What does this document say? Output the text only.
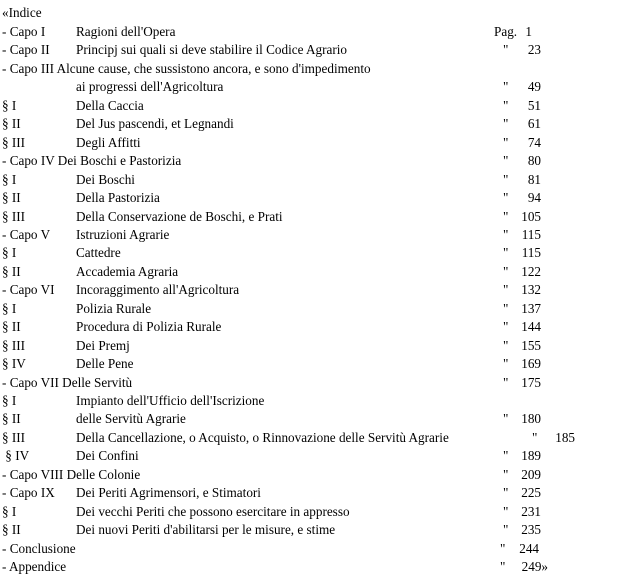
«Indice

- Capo I Ragioni dell'Opera	Pag. 1
- Capo II Principj sui quali si deve stabilire il Codice Agrario	" 23
- Capo III Alcune cause, che sussistono ancora, e sono d'impedimento
ai progressi dell'Agricoltura	" 49
§ I	Della Caccia	" 51
§ II	Del Jus pascendi, et Legnandi	" 61
§ III	Degli Affitti	" 74
- Capo IV Dei Boschi e Pastorizia	" 80
§ I	Dei Boschi	" 81
§ II	Della Pastorizia	" 94
§ III	Della Conservazione de Boschi, e Prati	" 105
- Capo V Istruzioni Agrarie	" 115
§ I	Cattedre	" 115
§ II	Accademia Agraria	" 122
- Capo VI Incoraggimento all'Agricoltura	" 132
§ I	Polizia Rurale	" 137
§ II	Procedura di Polizia Rurale	" 144
§ III	Dei Premj	" 155
§ IV	Delle Pene	" 169
- Capo VII Delle Servitù	" 175
§ I	Impianto dell'Ufficio dell'Iscrizione
§ II	delle Servitù Agrarie	" 180
§ III	Della Cancellazione, o Acquisto, o Rinnovazione delle Servitù Agrarie	" 185
§ IV	Dei Confini	" 189
- Capo VIII Delle Colonie	" 209
- Capo IX Dei Periti Agrimensori, e Stimatori	" 225
§ I	Dei vecchi Periti che possono esercitare in appresso	" 231
§ II	Dei nuovi Periti d'abilitarsi per le misure, e stime	" 235
- Conclusione	" 244
- Appendice	" 249»
